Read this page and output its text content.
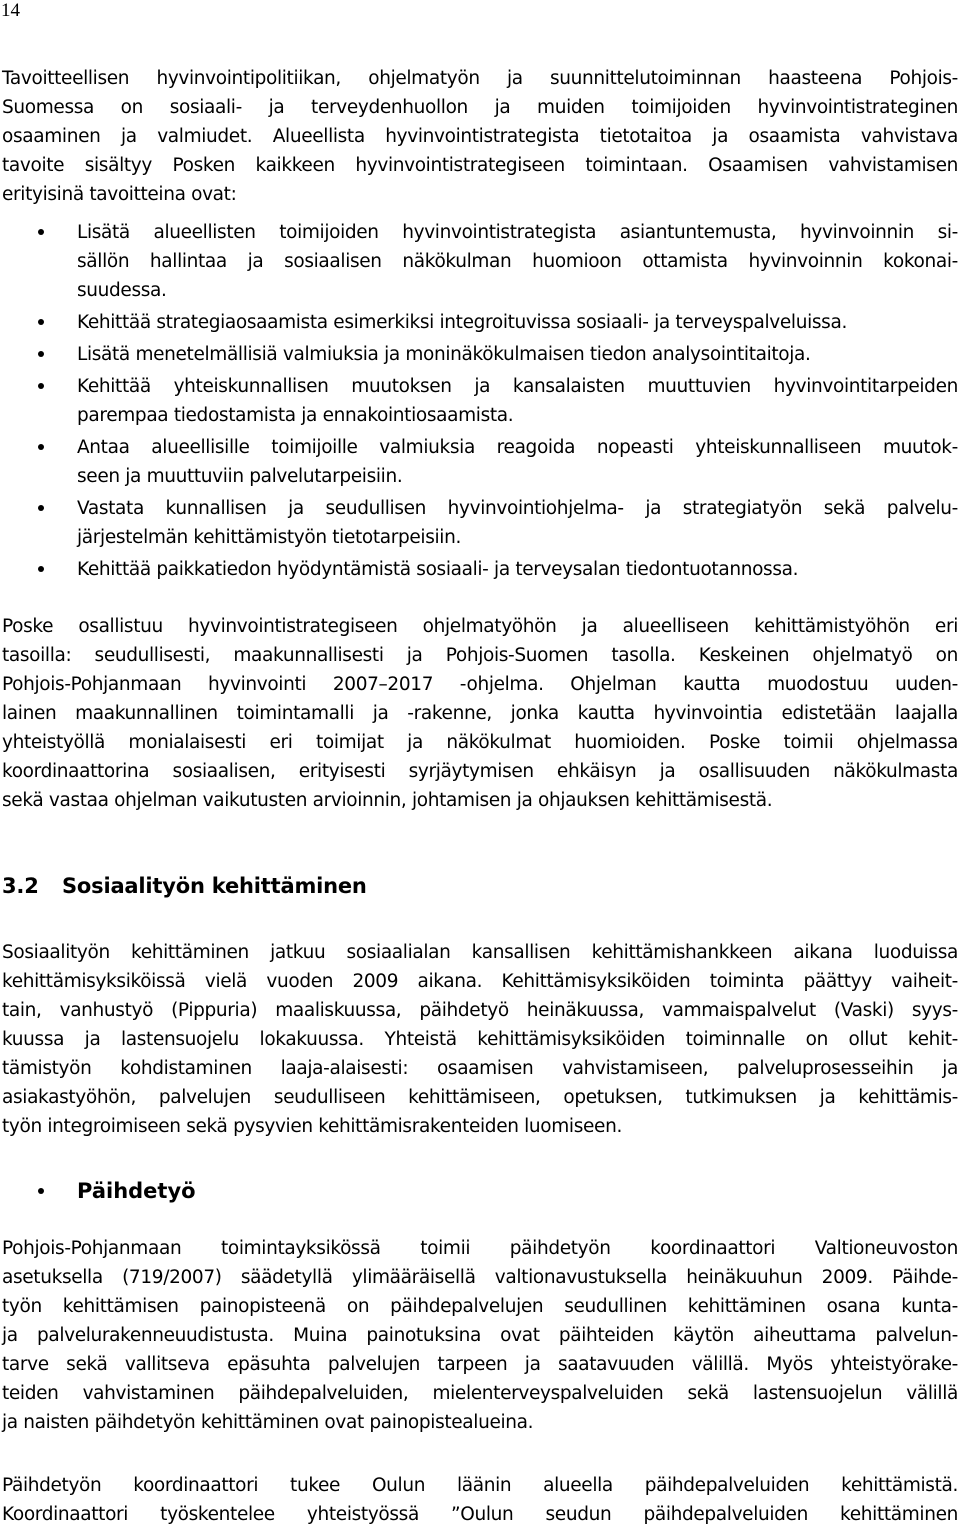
14
Tavoitteellisen hyvinvointipolitiikan, ohjelmatyön ja suunnittelutoiminnan haasteena Pohjois-
Suomessa on sosiaali- ja terveydenhuollon ja muiden toimijoiden hyvinvointistrateginen
osaaminen ja valmiudet. Alueellista hyvinvointistrategista tietotaitoa ja osaamista vahvistava
tavoite sisältyy Posken kaikkeen hyvinvointistrategiseen toimintaan. Osaamisen vahvistamisen
erityisinä tavoitteina ovat:
Lisätä alueellisten toimijoiden hyvinvointistrategista asiantuntemusta, hyvinvoinnin si-
sällön hallintaa ja sosiaalisen näkökulman huomioon ottamista hyvinvoinnin kokonai-
suudessa.
Kehittää strategiaosaamista esimerkiksi integroituvissa sosiaali- ja terveyspalveluissa.
Lisätä menetelmällisiä valmiuksia ja moninäkökulmaisen tiedon analysointitaitoja.
Kehittää yhteiskunnallisen muutoksen ja kansalaisten muuttuvien hyvinvointitarpeiden
parempaa tiedostamista ja ennakointiosaamista.
Antaa alueellisille toimijoille valmiuksia reagoida nopeasti yhteiskunnalliseen muutok-
seen ja muuttuviin palvelutarpeisiin.
Vastata kunnallisen ja seudullisen hyvinvointiohjelma- ja strategiatyön sekä palvelu-
järjestelmän kehittämistyön tietotarpeisiin.
Kehittää paikkatiedon hyödyntämistä sosiaali- ja terveysalan tiedontuotannossa.
Poske osallistuu hyvinvointistrategiseen ohjelmatyöhön ja alueelliseen kehittämistyöhön eri
tasoilla: seudullisesti, maakunnallisesti ja Pohjois-Suomen tasolla. Keskeinen ohjelmatyö on
Pohjois-Pohjanmaan hyvinvointi 2007–2017 -ohjelma. Ohjelman kautta muodostuu uuden-
lainen maakunnallinen toimintamalli ja -rakenne, jonka kautta hyvinvointia edistetään laajalla
yhteistyöllä monialaisesti eri toimijat ja näkökulmat huomioiden. Poske toimii ohjelmassa
koordinaattorina sosiaalisen, erityisesti syrjäytymisen ehkäisyn ja osallisuuden näkökulmasta
sekä vastaa ohjelman vaikutusten arvioinnin, johtamisen ja ohjauksen kehittämisestä.
3.2 Sosiaalityön kehittäminen
Sosiaalityön kehittäminen jatkuu sosiaalialan kansallisen kehittämishankkeen aikana luoduissa
kehittämisyksiköissä vielä vuoden 2009 aikana. Kehittämisyksiköiden toiminta päättyy vaiheit-
tain, vanhustyö (Pippuria) maaliskuussa, päihdetyö heinäkuussa, vammaispalvelut (Vaski) syys-
kuussa ja lastensuojelu lokakuussa. Yhteistä kehittämisyksiköiden toiminnalle on ollut kehit-
tämistyön kohdistaminen laaja-alaisesti: osaamisen vahvistamiseen, palveluprosesseihin ja
asiakastyöhön, palvelujen seudulliseen kehittämiseen, opetuksen, tutkimuksen ja kehittämis-
työn integroimiseen sekä pysyvien kehittämisrakenteiden luomiseen.
Päihdetyö
Pohjois-Pohjanmaan toimintayksikössä toimii päihdetyön koordinaattori Valtioneuvoston
asetuksella (719/2007) säädetyllä ylimääräisellä valtionavustuksella heinäkuuhun 2009. Päihde-
työn kehittämisen painopisteenä on päihdepalvelujen seudullinen kehittäminen osana kunta-
ja palvelurakenneuudistusta. Muina painotuksina ovat päihteiden käytön aiheuttama palvelun-
tarve sekä vallitseva epäsuhta palvelujen tarpeen ja saatavuuden välillä. Myös yhteistyörake-
teiden vahvistaminen päihdepalveluiden, mielenterveyspalveluiden sekä lastensuojelun välillä
ja naisten päihdetyön kehittäminen ovat painopistealueina.
Päihdetyön koordinaattori tukee Oulun läänin alueella päihdepalveluiden kehittämistä.
Koordinaattori työskentelee yhteistyössä ”Oulun seudun päihdepalveluiden kehittäminen
